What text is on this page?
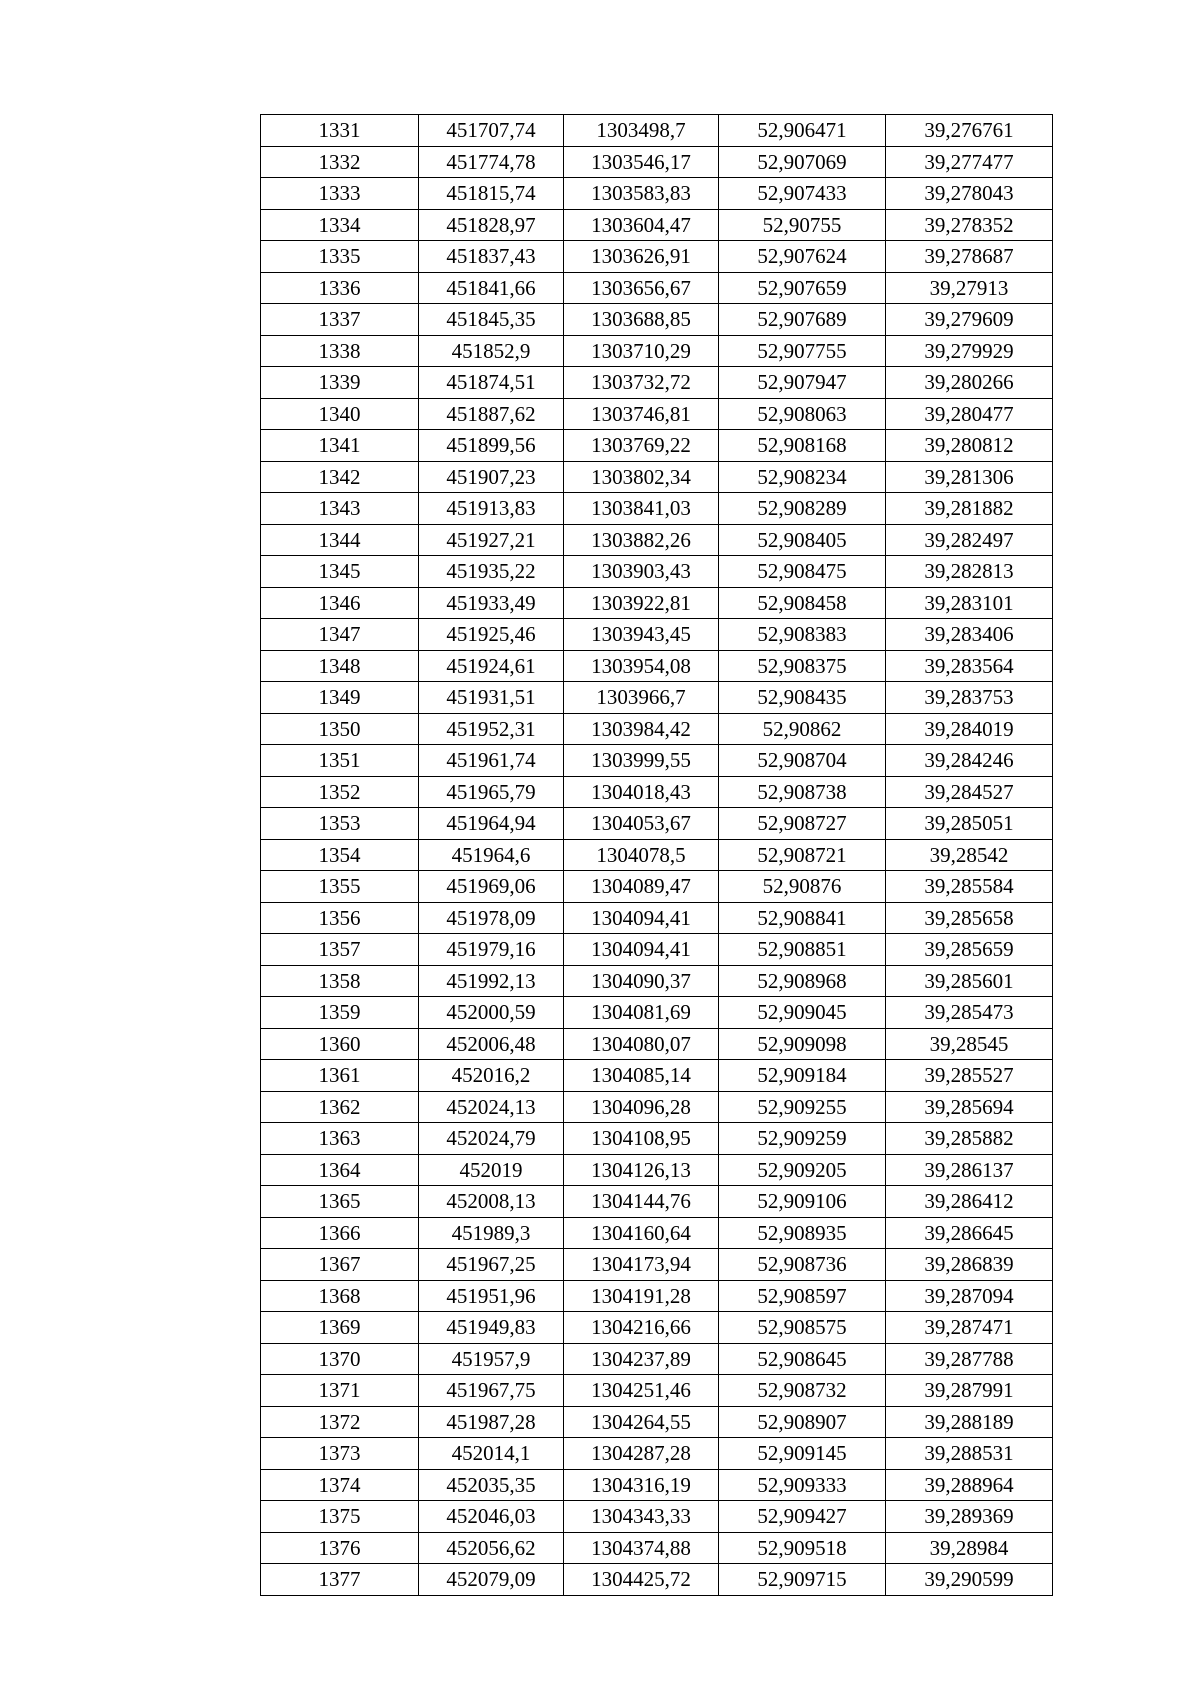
1331	451707,74	1303498,7	52,906471	39,276761
1332	451774,78	1303546,17	52,907069	39,277477
1333	451815,74	1303583,83	52,907433	39,278043
1334	451828,97	1303604,47	52,90755	39,278352
1335	451837,43	1303626,91	52,907624	39,278687
1336	451841,66	1303656,67	52,907659	39,27913
1337	451845,35	1303688,85	52,907689	39,279609
1338	451852,9	1303710,29	52,907755	39,279929
1339	451874,51	1303732,72	52,907947	39,280266
1340	451887,62	1303746,81	52,908063	39,280477
1341	451899,56	1303769,22	52,908168	39,280812
1342	451907,23	1303802,34	52,908234	39,281306
1343	451913,83	1303841,03	52,908289	39,281882
1344	451927,21	1303882,26	52,908405	39,282497
1345	451935,22	1303903,43	52,908475	39,282813
1346	451933,49	1303922,81	52,908458	39,283101
1347	451925,46	1303943,45	52,908383	39,283406
1348	451924,61	1303954,08	52,908375	39,283564
1349	451931,51	1303966,7	52,908435	39,283753
1350	451952,31	1303984,42	52,90862	39,284019
1351	451961,74	1303999,55	52,908704	39,284246
1352	451965,79	1304018,43	52,908738	39,284527
1353	451964,94	1304053,67	52,908727	39,285051
1354	451964,6	1304078,5	52,908721	39,28542
1355	451969,06	1304089,47	52,90876	39,285584
1356	451978,09	1304094,41	52,908841	39,285658
1357	451979,16	1304094,41	52,908851	39,285659
1358	451992,13	1304090,37	52,908968	39,285601
1359	452000,59	1304081,69	52,909045	39,285473
1360	452006,48	1304080,07	52,909098	39,28545
1361	452016,2	1304085,14	52,909184	39,285527
1362	452024,13	1304096,28	52,909255	39,285694
1363	452024,79	1304108,95	52,909259	39,285882
1364	452019	1304126,13	52,909205	39,286137
1365	452008,13	1304144,76	52,909106	39,286412
1366	451989,3	1304160,64	52,908935	39,286645
1367	451967,25	1304173,94	52,908736	39,286839
1368	451951,96	1304191,28	52,908597	39,287094
1369	451949,83	1304216,66	52,908575	39,287471
1370	451957,9	1304237,89	52,908645	39,287788
1371	451967,75	1304251,46	52,908732	39,287991
1372	451987,28	1304264,55	52,908907	39,288189
1373	452014,1	1304287,28	52,909145	39,288531
1374	452035,35	1304316,19	52,909333	39,288964
1375	452046,03	1304343,33	52,909427	39,289369
1376	452056,62	1304374,88	52,909518	39,28984
1377	452079,09	1304425,72	52,909715	39,290599
